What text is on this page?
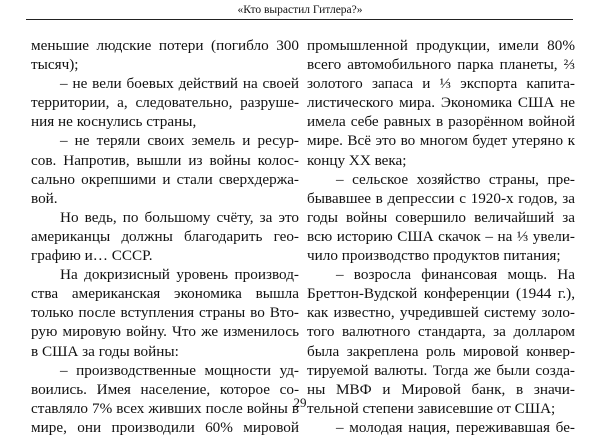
«Кто вырастил Гитлера?»
меньшие людские потери (погибло 300
тысяч);
– не вели боевых действий на своей
территории, а, следовательно, разруше-
ния не коснулись страны,
– не теряли своих земель и ресур-
сов. Напротив, вышли из войны колос-
сально окрепшими и стали сверхдержа-
вой.
Но ведь, по большому счёту, за это
американцы должны благодарить гео-
графию и… СССР.
На докризисный уровень производ-
ства американская экономика вышла
только после вступления страны во Вто-
рую мировую войну. Что же изменилось
в США за годы войны:
– производственные мощности уд-
воились. Имея население, которое со-
ставляло 7% всех живших после войны в
мире, они производили 60% мировой
промышленной продукции, имели 80%
всего автомобильного парка планеты, ⅔
золотого запаса и ⅓ экспорта капита-
листического мира. Экономика США не
имела себе равных в разорённом войной
мире. Всё это во многом будет утеряно к
концу XX века;
– сельское хозяйство страны, пре-
бывавшее в депрессии с 1920-х годов, за
годы войны совершило величайший за
всю историю США скачок – на ⅓ увели-
чило производство продуктов питания;
– возросла финансовая мощь. На
Бреттон-Вудской конференции (1944 г.),
как известно, учредившей систему золо-
того валютного стандарта, за долларом
была закреплена роль мировой конвер-
тируемой валюты. Тогда же были созда-
ны МВФ и Мировой банк, в значи-
тельной степени зависевшие от США;
– молодая нация, переживавшая бе-
29
